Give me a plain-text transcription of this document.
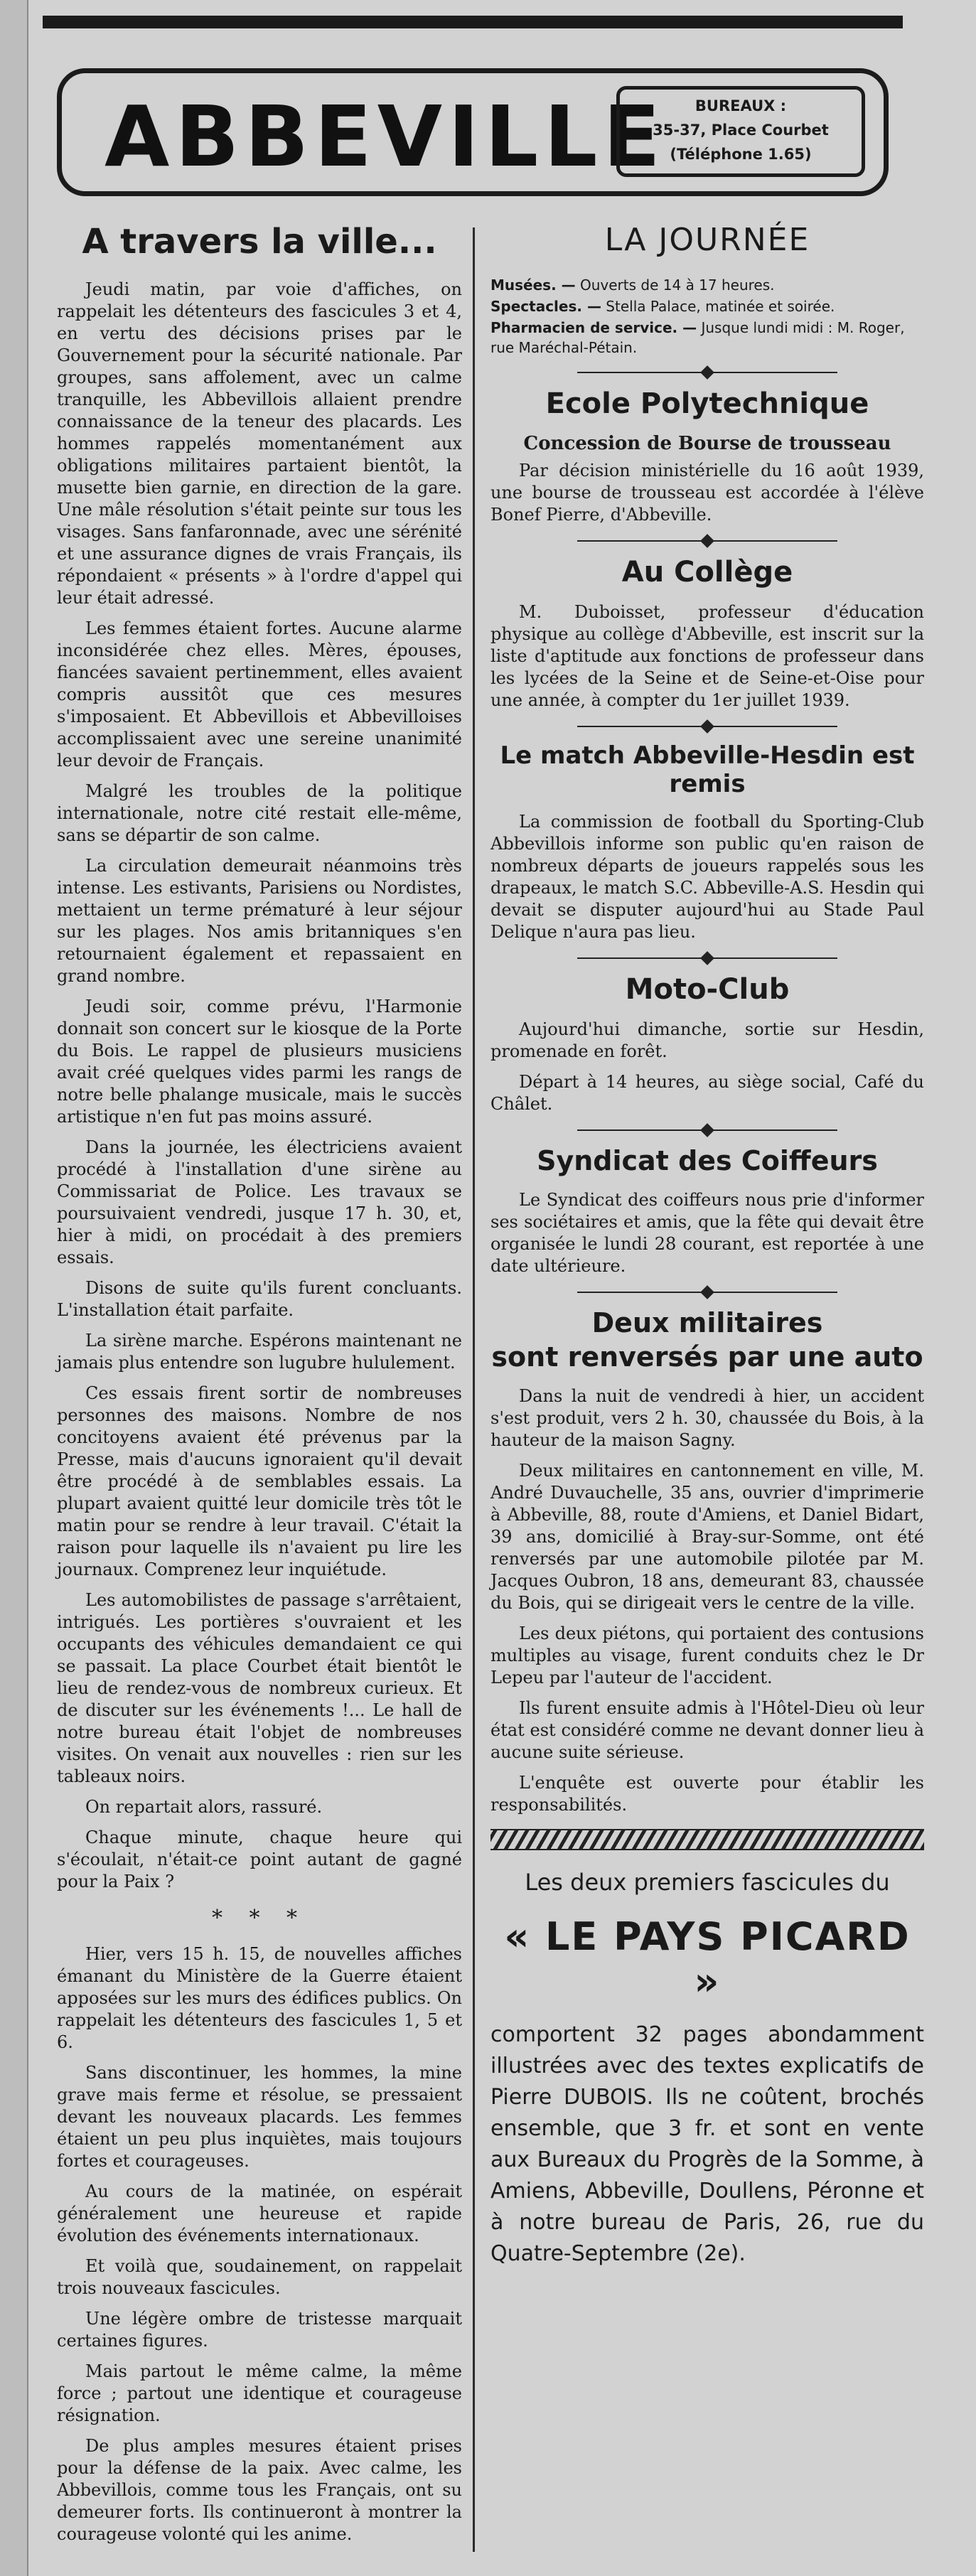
ABBEVILLE	BUREAUX :
35-37, Place Courbet
(Téléphone 1.65)
A travers la ville...

Jeudi matin, par voie d'affiches, on rappelait les détenteurs des fascicules 3 et 4, en vertu des décisions prises par le Gouvernement pour la sécurité nationale. Par groupes, sans affolement, avec un calme tranquille, les Abbevillois allaient prendre connaissance de la teneur des placards. Les hommes rappelés momentanément aux obligations militaires partaient bientôt, la musette bien garnie, en direction de la gare. Une mâle résolution s'était peinte sur tous les visages. Sans fanfaronnade, avec une sérénité et une assurance dignes de vrais Français, ils répondaient « présents » à l'ordre d'appel qui leur était adressé.

Les femmes étaient fortes. Aucune alarme inconsidérée chez elles. Mères, épouses, fiancées savaient pertinemment, elles avaient compris aussitôt que ces mesures s'imposaient. Et Abbevillois et Abbevilloises accomplissaient avec une sereine unanimité leur devoir de Français.

Malgré les troubles de la politique internationale, notre cité restait elle-même, sans se départir de son calme.

La circulation demeurait néanmoins très intense. Les estivants, Parisiens ou Nordistes, mettaient un terme prématuré à leur séjour sur les plages. Nos amis britanniques s'en retournaient également et repassaient en grand nombre.

Jeudi soir, comme prévu, l'Harmonie donnait son concert sur le kiosque de la Porte du Bois. Le rappel de plusieurs musiciens avait créé quelques vides parmi les rangs de notre belle phalange musicale, mais le succès artistique n'en fut pas moins assuré.

Dans la journée, les électriciens avaient procédé à l'installation d'une sirène au Commissariat de Police. Les travaux se poursuivaient vendredi, jusque 17 h. 30, et, hier à midi, on procédait à des premiers essais.

Disons de suite qu'ils furent concluants. L'installation était parfaite.

La sirène marche. Espérons maintenant ne jamais plus entendre son lugubre hululement.

Ces essais firent sortir de nombreuses personnes des maisons. Nombre de nos concitoyens avaient été prévenus par la Presse, mais d'aucuns ignoraient qu'il devait être procédé à de semblables essais. La plupart avaient quitté leur domicile très tôt le matin pour se rendre à leur travail. C'était la raison pour laquelle ils n'avaient pu lire les journaux. Comprenez leur inquiétude.

Les automobilistes de passage s'arrêtaient, intrigués. Les portières s'ouvraient et les occupants des véhicules demandaient ce qui se passait. La place Courbet était bientôt le lieu de rendez-vous de nombreux curieux. Et de discuter sur les événements !... Le hall de notre bureau était l'objet de nombreuses visites. On venait aux nouvelles : rien sur les tableaux noirs.

On repartait alors, rassuré.

Chaque minute, chaque heure qui s'écoulait, n'était-ce point autant de gagné pour la Paix ?

* * *

Hier, vers 15 h. 15, de nouvelles affiches émanant du Ministère de la Guerre étaient apposées sur les murs des édifices publics. On rappelait les détenteurs des fascicules 1, 5 et 6.

Sans discontinuer, les hommes, la mine grave mais ferme et résolue, se pressaient devant les nouveaux placards. Les femmes étaient un peu plus inquiètes, mais toujours fortes et courageuses.

Au cours de la matinée, on espérait généralement une heureuse et rapide évolution des événements internationaux.

Et voilà que, soudainement, on rappelait trois nouveaux fascicules.

Une légère ombre de tristesse marquait certaines figures.

Mais partout le même calme, la même force ; partout une identique et courageuse résignation.

De plus amples mesures étaient prises pour la défense de la paix. Avec calme, les Abbevillois, comme tous les Français, ont su demeurer forts. Ils continueront à montrer la courageuse volonté qui les anime.

LA JOURNÉE
Musées. — Ouverts de 14 à 17 heures.
Spectacles. — Stella Palace, matinée et soirée.
Pharmacien de service. — Jusque lundi midi : M. Roger, rue Maréchal-Pétain.
Ecole Polytechnique
Concession de Bourse de trousseau

Par décision ministérielle du 16 août 1939, une bourse de trousseau est accordée à l'élève Bonef Pierre, d'Abbeville.

Au Collège

M. Duboisset, professeur d'éducation physique au collège d'Abbeville, est inscrit sur la liste d'aptitude aux fonctions de professeur dans les lycées de la Seine et de Seine-et-Oise pour une année, à compter du 1er juillet 1939.

Le match Abbeville-Hesdin est remis

La commission de football du Sporting-Club Abbevillois informe son public qu'en raison de nombreux départs de joueurs rappelés sous les drapeaux, le match S.C. Abbeville-A.S. Hesdin qui devait se disputer aujourd'hui au Stade Paul Delique n'aura pas lieu.

Moto-Club

Aujourd'hui dimanche, sortie sur Hesdin, promenade en forêt.

Départ à 14 heures, au siège social, Café du Châlet.

Syndicat des Coiffeurs

Le Syndicat des coiffeurs nous prie d'informer ses sociétaires et amis, que la fête qui devait être organisée le lundi 28 courant, est reportée à une date ultérieure.

Deux militaires
sont renversés par une auto

Dans la nuit de vendredi à hier, un accident s'est produit, vers 2 h. 30, chaussée du Bois, à la hauteur de la maison Sagny.

Deux militaires en cantonnement en ville, M. André Duvauchelle, 35 ans, ouvrier d'imprimerie à Abbeville, 88, route d'Amiens, et Daniel Bidart, 39 ans, domicilié à Bray-sur-Somme, ont été renversés par une automobile pilotée par M. Jacques Oubron, 18 ans, demeurant 83, chaussée du Bois, qui se dirigeait vers le centre de la ville.

Les deux piétons, qui portaient des contusions multiples au visage, furent conduits chez le Dr Lepeu par l'auteur de l'accident.

Ils furent ensuite admis à l'Hôtel-Dieu où leur état est considéré comme ne devant donner lieu à aucune suite sérieuse.

L'enquête est ouverte pour établir les responsabilités.

Les deux premiers fascicules du
« LE PAYS PICARD »
comportent 32 pages abondamment illustrées avec des textes explicatifs de Pierre DUBOIS. Ils ne coûtent, brochés ensemble, que 3 fr. et sont en vente aux Bureaux du Progrès de la Somme, à Amiens, Abbeville, Doullens, Péronne et à notre bureau de Paris, 26, rue du Quatre-Septembre (2e).
